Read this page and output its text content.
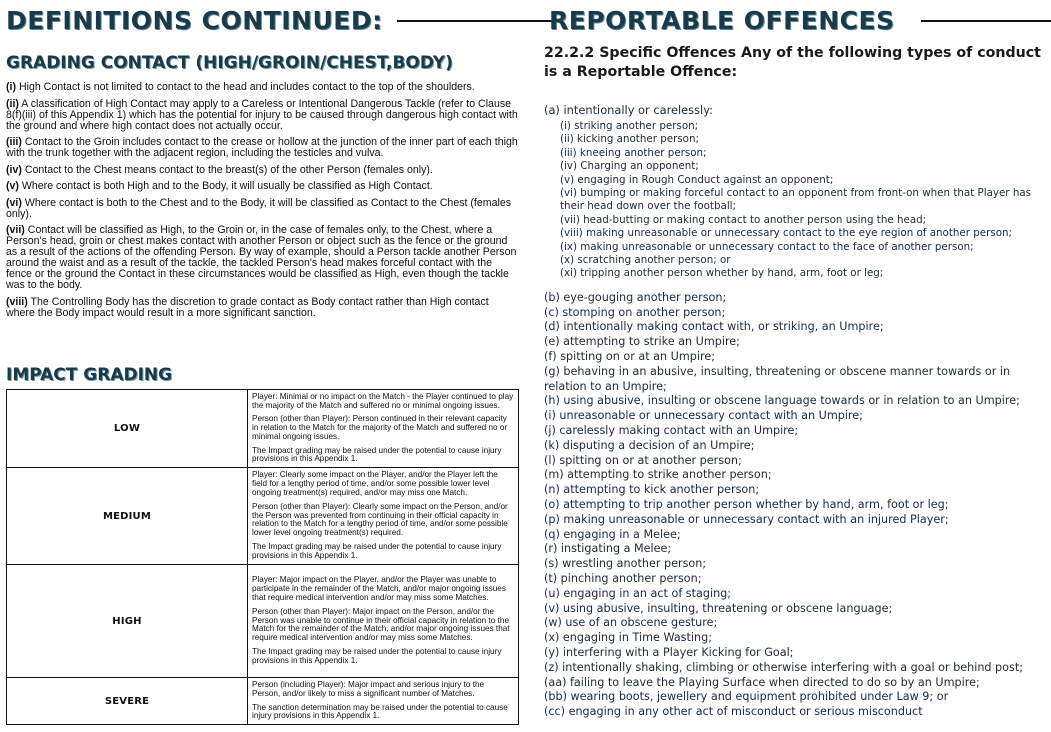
DEFINITIONS CONTINUED:
GRADING CONTACT (HIGH/GROIN/CHEST,BODY)

(i) High Contact is not limited to contact to the head and includes contact to the top of the shoulders.

(ii) A classification of High Contact may apply to a Careless or Intentional Dangerous Tackle (refer to Clause 8(f)(iii) of this Appendix 1) which has the potential for injury to be caused through dangerous high contact with the ground and where high contact does not actually occur.

(iii) Contact to the Groin includes contact to the crease or hollow at the junction of the inner part of each thigh with the trunk together with the adjacent region, including the testicles and vulva.

(iv) Contact to the Chest means contact to the breast(s) of the other Person (females only).

(v) Where contact is both High and to the Body, it will usually be classified as High Contact.

(vi) Where contact is both to the Chest and to the Body, it will be classified as Contact to the Chest (females only).

(vii) Contact will be classified as High, to the Groin or, in the case of females only, to the Chest, where a Person's head, groin or chest makes contact with another Person or object such as the fence or the ground as a result of the actions of the offending Person. By way of example, should a Person tackle another Person around the waist and as a result of the tackle, the tackled Person's head makes forceful contact with the fence or the ground the Contact in these circumstances would be classified as High, even though the tackle was to the body.

(viii) The Controlling Body has the discretion to grade contact as Body contact rather than High contact where the Body impact would result in a more significant sanction.

IMPACT GRADING
LOW	Player: Minimal or no impact on the Match - the Player continued to play the majority of the Match and suffered no or minimal ongoing issues.

Person (other than Player): Person continued in their relevant capacity in relation to the Match for the majority of the Match and suffered no or minimal ongoing issues.

The Impact grading may be raised under the potential to cause injury provisions in this Appendix 1.

MEDIUM	Player: Clearly some impact on the Player, and/or the Player left the field for a lengthy period of time, and/or some possible lower level ongoing treatment(s) required, and/or may miss one Match.

Person (other than Player): Clearly some impact on the Person, and/or the Person was prevented from continuing in their official capacity in relation to the Match for a lengthy period of time, and/or some possible lower level ongoing treatment(s) required.

The Impact grading may be raised under the potential to cause injury provisions in this Appendix 1.

HIGH	Player: Major impact on the Player, and/or the Player was unable to participate in the remainder of the Match, and/or major ongoing issues that require medical intervention and/or may miss some Matches.

Person (other than Player): Major impact on the Person, and/or the Person was unable to continue in their official capacity in relation to the Match for the remainder of the Match, and/or major ongoing issues that require medical intervention and/or may miss some Matches.

The Impact grading may be raised under the potential to cause injury provisions in this Appendix 1.

SEVERE	Person (including Player): Major impact and serious injury to the Person, and/or likely to miss a significant number of Matches.

The sanction determination may be raised under the potential to cause injury provisions in this Appendix 1.

REPORTABLE OFFENCES
22.2.2 Specific Offences Any of the following types of conduct is a Reportable Offence:
(a) intentionally or carelessly:
(i) striking another person;
(ii) kicking another person;
(iii) kneeing another person;
(iv) Charging an opponent;
(v) engaging in Rough Conduct against an opponent;
(vi) bumping or making forceful contact to an opponent from front-on when that Player has their head down over the football;
(vii) head-butting or making contact to another person using the head;
(viii) making unreasonable or unnecessary contact to the eye region of another person;
(ix) making unreasonable or unnecessary contact to the face of another person;
(x) scratching another person; or
(xi) tripping another person whether by hand, arm, foot or leg;
(b) eye-gouging another person;
(c) stomping on another person;
(d) intentionally making contact with, or striking, an Umpire;
(e) attempting to strike an Umpire;
(f) spitting on or at an Umpire;
(g) behaving in an abusive, insulting, threatening or obscene manner towards or in relation to an Umpire;
(h) using abusive, insulting or obscene language towards or in relation to an Umpire;
(i) unreasonable or unnecessary contact with an Umpire;
(j) carelessly making contact with an Umpire;
(k) disputing a decision of an Umpire;
(l) spitting on or at another person;
(m) attempting to strike another person;
(n) attempting to kick another person;
(o) attempting to trip another person whether by hand, arm, foot or leg;
(p) making unreasonable or unnecessary contact with an injured Player;
(q) engaging in a Melee;
(r) instigating a Melee;
(s) wrestling another person;
(t) pinching another person;
(u) engaging in an act of staging;
(v) using abusive, insulting, threatening or obscene language;
(w) use of an obscene gesture;
(x) engaging in Time Wasting;
(y) interfering with a Player Kicking for Goal;
(z) intentionally shaking, climbing or otherwise interfering with a goal or behind post;
(aa) failing to leave the Playing Surface when directed to do so by an Umpire;
(bb) wearing boots, jewellery and equipment prohibited under Law 9; or
(cc) engaging in any other act of misconduct or serious misconduct
